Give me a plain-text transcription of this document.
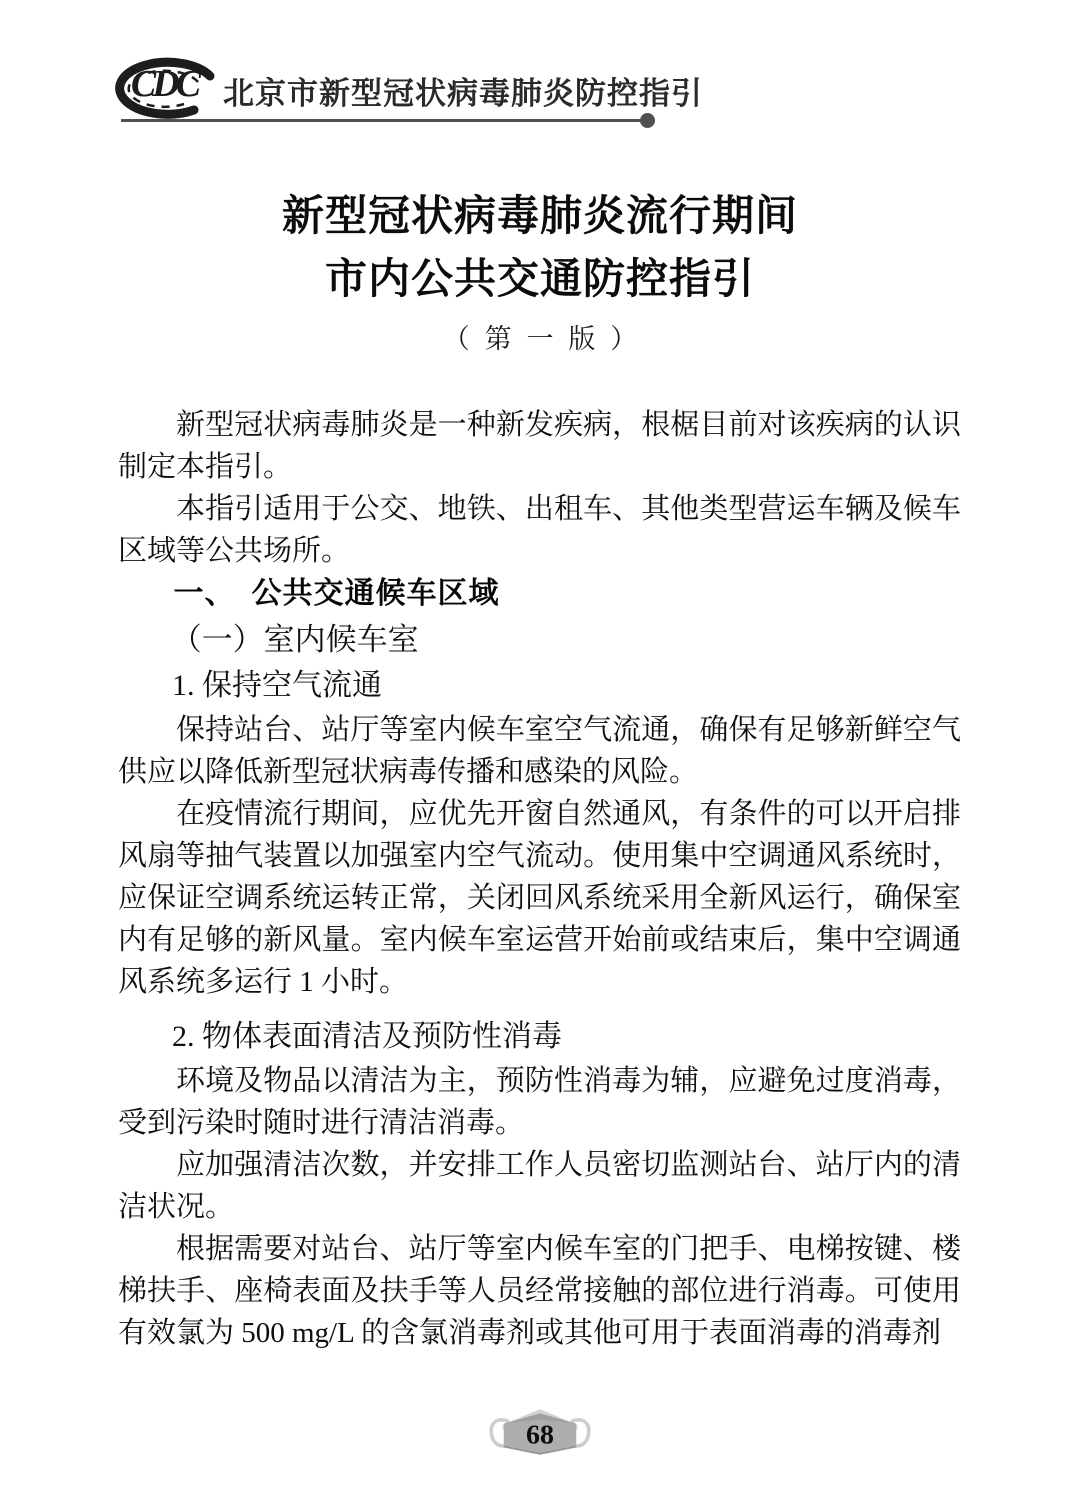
CDC 北京市新型冠状病毒肺炎防控指引
新型冠状病毒肺炎流行期间
市内公共交通防控指引
（第一版）

新型冠状病毒肺炎是一种新发疾病，根椐目前对该疾病的认识制定本指引。

本指引适用于公交、地铁、出租车、其他类型营运车辆及候车区域等公共场所。

一、　公共交通候车区域
（一）室内候车室
1. 保持空气流通

保持站台、站厅等室内候车室空气流通，确保有足够新鲜空气供应以降低新型冠状病毒传播和感染的风险。

在疫情流行期间，应优先开窗自然通风，有条件的可以开启排风扇等抽气装置以加强室内空气流动。使用集中空调通风系统时，应保证空调系统运转正常，关闭回风系统采用全新风运行，确保室内有足够的新风量。室内候车室运营开始前或结束后，集中空调通风系统多运行 1 小时。

2. 物体表面清洁及预防性消毒

环境及物品以清洁为主，预防性消毒为辅，应避免过度消毒，受到污染时随时进行清洁消毒。

应加强清洁次数，并安排工作人员密切监测站台、站厅内的清洁状况。

根据需要对站台、站厅等室内候车室的门把手、电梯按键、楼梯扶手、座椅表面及扶手等人员经常接触的部位进行消毒。可使用有效氯为 500 mg/L 的含氯消毒剂或其他可用于表面消毒的消毒剂

68
